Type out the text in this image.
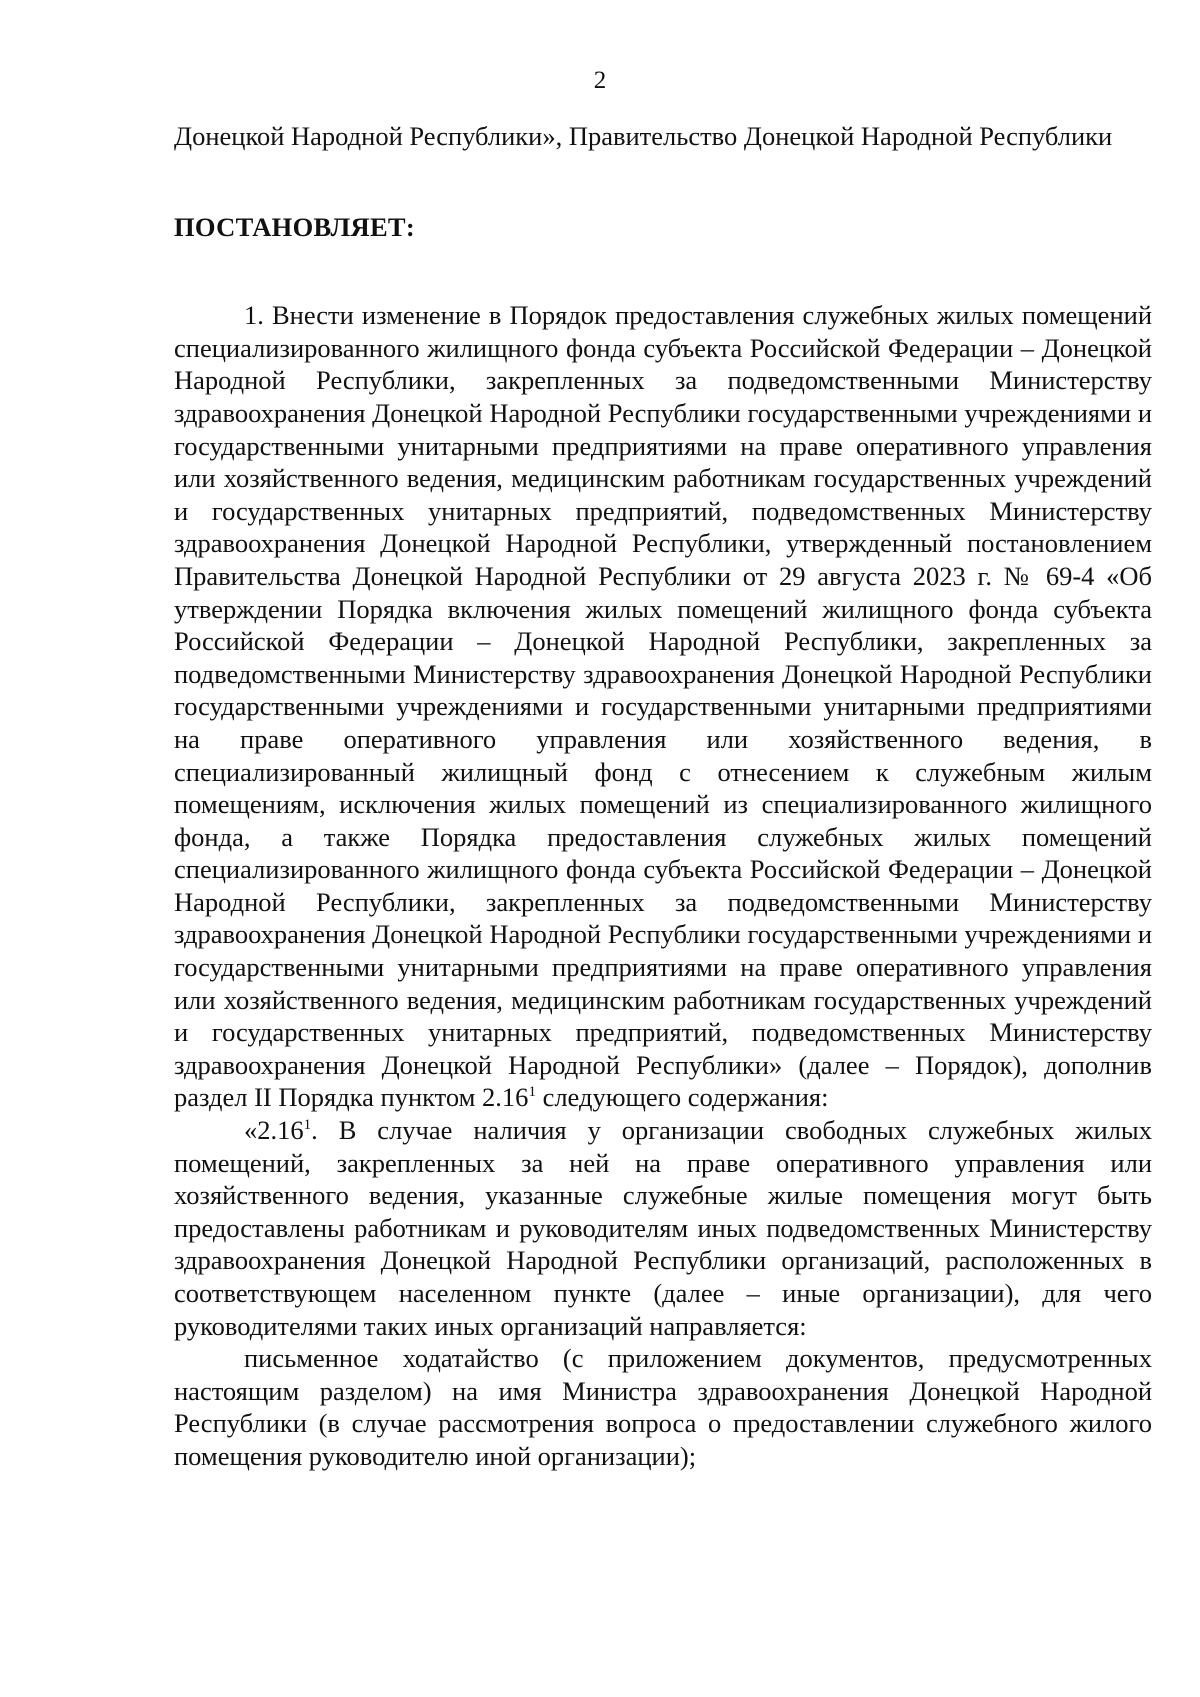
2

Донецкой Народной Республики», Правительство Донецкой Народной Республики

ПОСТАНОВЛЯЕТ:

1. Внести изменение в Порядок предоставления служебных жилых помещений специализированного жилищного фонда субъекта Российской Федерации – Донецкой Народной Республики, закрепленных за подведомственными Министерству здравоохранения Донецкой Народной Республики государственными учреждениями и государственными унитарными предприятиями на праве оперативного управления или хозяйственного ведения, медицинским работникам государственных учреждений и государственных унитарных предприятий, подведомственных Министерству здравоохранения Донецкой Народной Республики, утвержденный постановлением Правительства Донецкой Народной Республики от 29 августа 2023 г. № 69-4 «Об утверждении Порядка включения жилых помещений жилищного фонда субъекта Российской Федерации – Донецкой Народной Республики, закрепленных за подведомственными Министерству здравоохранения Донецкой Народной Республики государственными учреждениями и государственными унитарными предприятиями на праве оперативного управления или хозяйственного ведения, в специализированный жилищный фонд с отнесением к служебным жилым помещениям, исключения жилых помещений из специализированного жилищного фонда, а также Порядка предоставления служебных жилых помещений специализированного жилищного фонда субъекта Российской Федерации – Донецкой Народной Республики, закрепленных за подведомственными Министерству здравоохранения Донецкой Народной Республики государственными учреждениями и государственными унитарными предприятиями на праве оперативного управления или хозяйственного ведения, медицинским работникам государственных учреждений и государственных унитарных предприятий, подведомственных Министерству здравоохранения Донецкой Народной Республики» (далее – Порядок), дополнив раздел II Порядка пунктом 2.16$^1$ следующего содержания:

«2.16$^1$. В случае наличия у организации свободных служебных жилых помещений, закрепленных за ней на праве оперативного управления или хозяйственного ведения, указанные служебные жилые помещения могут быть предоставлены работникам и руководителям иных подведомственных Министерству здравоохранения Донецкой Народной Республики организаций, расположенных в соответствующем населенном пункте (далее – иные организации), для чего руководителями таких иных организаций направляется:

письменное ходатайство (с приложением документов, предусмотренных настоящим разделом) на имя Министра здравоохранения Донецкой Народной Республики (в случае рассмотрения вопроса о предоставлении служебного жилого помещения руководителю иной организации);
